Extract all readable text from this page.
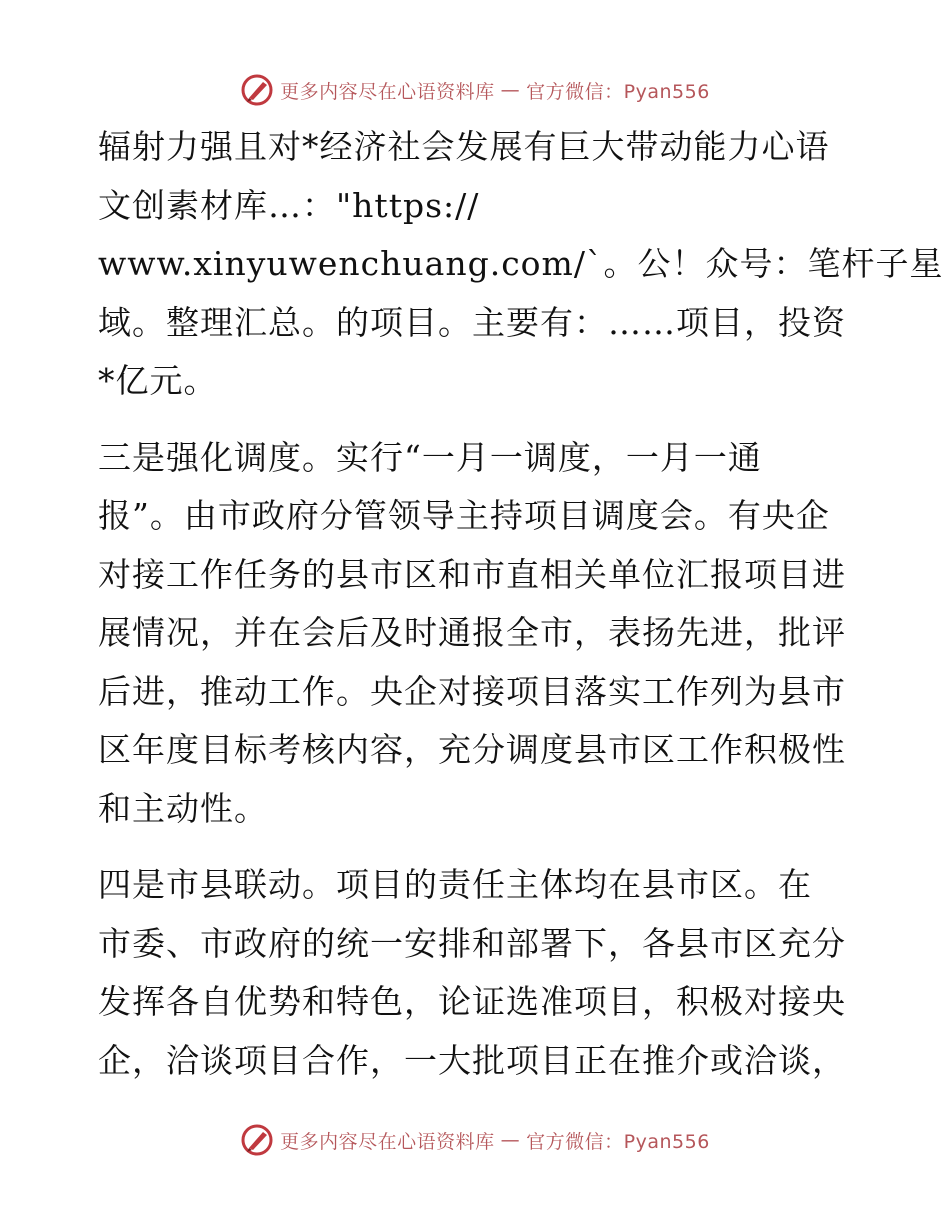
更多内容尽在心语资料库 — 官方微信：Pyan556

辐射力强且对*经济社会发展有巨大带动能力心语
文创素材库…："https://
www.xinyuwenchuang.com/`。公！众号：笔杆子星
域。整理汇总。的项目。主要有：……项目，投资
*亿元。

三是强化调度。实行“一月一调度，一月一通
报”。由市政府分管领导主持项目调度会。有央企
对接工作任务的县市区和市直相关单位汇报项目进
展情况，并在会后及时通报全市，表扬先进，批评
后进，推动工作。央企对接项目落实工作列为县市
区年度目标考核内容，充分调度县市区工作积极性
和主动性。

四是市县联动。项目的责任主体均在县市区。在
市委、市政府的统一安排和部署下，各县市区充分
发挥各自优势和特色，论证选准项目，积极对接央
企，洽谈项目合作，一大批项目正在推介或洽谈，

更多内容尽在心语资料库 — 官方微信：Pyan556
